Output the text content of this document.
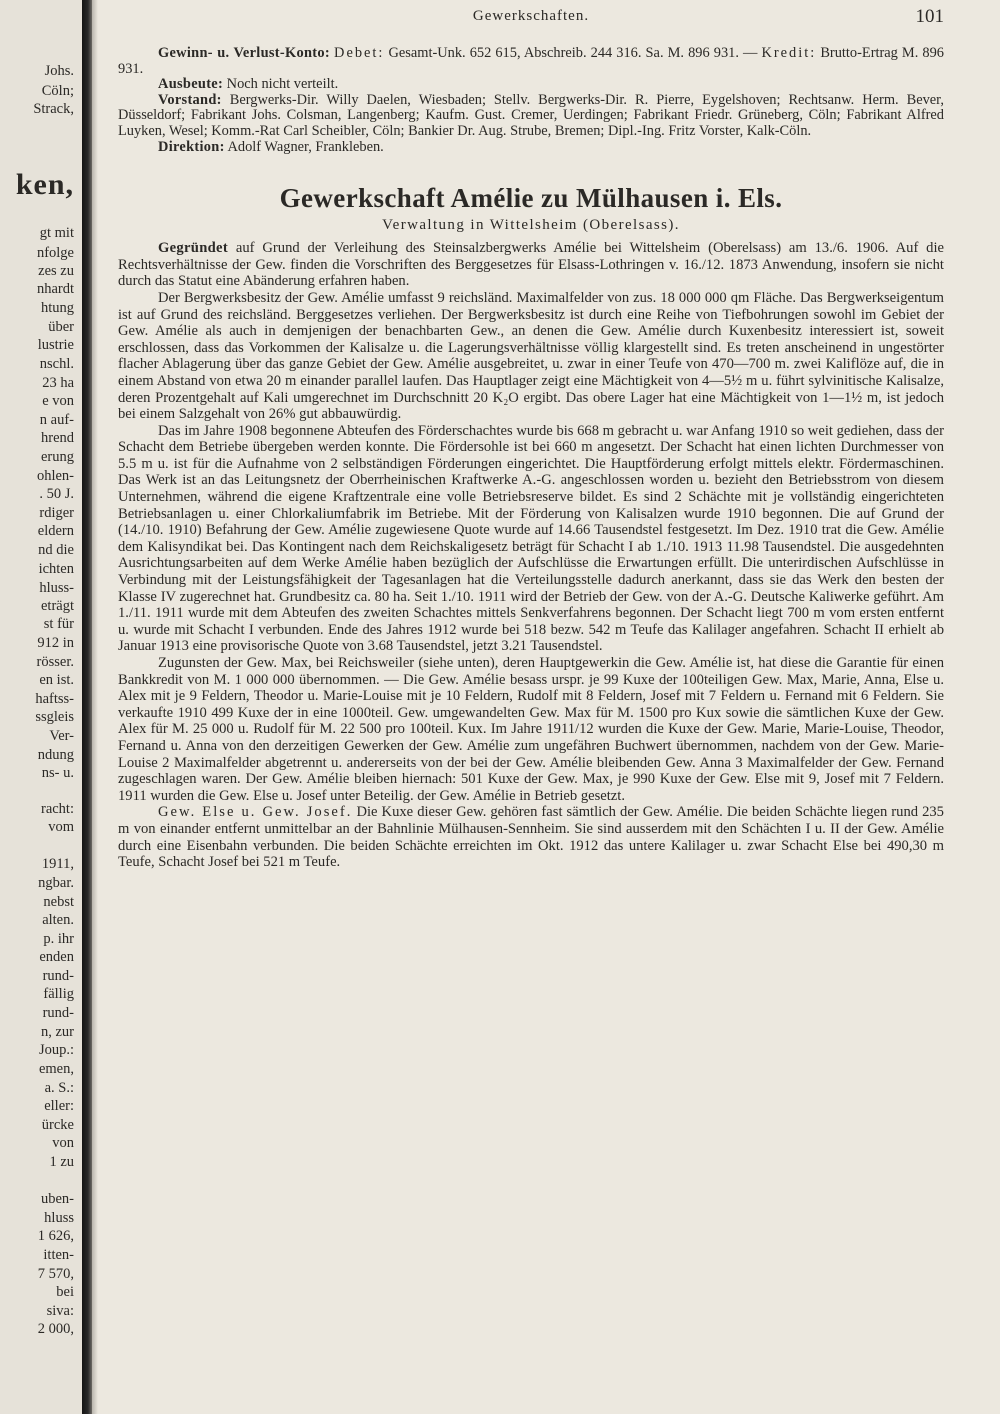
Johs.
Cöln;
Strack,
ken,
gt mit
nfolge
zes zu
nhardt
htung
über
lustrie
nschl.
23 ha
e von
n auf-
hrend
erung
ohlen-
. 50 J.
rdiger
eldern
nd die
ichten
hluss-
eträgt
st für
912 in
rösser.
en ist.
haftss-
ssgleis
Ver-
ndung
ns- u.
racht:
vom
1911,
ngbar.
nebst
alten.
p. ihr
enden
rund-
fällig
rund-
n, zur
Joup.:
emen,
a. S.:
eller:
ürcke
von
1 zu
uben-
hluss
1 626,
itten-
7 570,
bei
siva:
2 000,
Gewerkschaften.	101

Gewinn- u. Verlust-Konto: Debet: Gesamt-Unk. 652 615, Abschreib. 244 316. Sa. M. 896 931. — Kredit: Brutto-Ertrag M. 896 931.

Ausbeute: Noch nicht verteilt.

Vorstand: Bergwerks-Dir. Willy Daelen, Wiesbaden; Stellv. Bergwerks-Dir. R. Pierre, Eygelshoven; Rechtsanw. Herm. Bever, Düsseldorf; Fabrikant Johs. Colsman, Langenberg; Kaufm. Gust. Cremer, Uerdingen; Fabrikant Friedr. Grüneberg, Cöln; Fabrikant Alfred Luyken, Wesel; Komm.-Rat Carl Scheibler, Cöln; Bankier Dr. Aug. Strube, Bremen; Dipl.-Ing. Fritz Vorster, Kalk-Cöln.

Direktion: Adolf Wagner, Frankleben.

Gewerkschaft Amélie zu Mülhausen i. Els.
Verwaltung in Wittelsheim (Oberelsass).

Gegründet auf Grund der Verleihung des Steinsalzbergwerks Amélie bei Wittelsheim (Oberelsass) am 13./6. 1906. Auf die Rechtsverhältnisse der Gew. finden die Vorschriften des Berggesetzes für Elsass-Lothringen v. 16./12. 1873 Anwendung, insofern sie nicht durch das Statut eine Abänderung erfahren haben.

Der Bergwerksbesitz der Gew. Amélie umfasst 9 reichsländ. Maximalfelder von zus. 18 000 000 qm Fläche. Das Bergwerkseigentum ist auf Grund des reichsländ. Berggesetzes verliehen. Der Bergwerksbesitz ist durch eine Reihe von Tiefbohrungen sowohl im Gebiet der Gew. Amélie als auch in demjenigen der benachbarten Gew., an denen die Gew. Amélie durch Kuxenbesitz interessiert ist, soweit erschlossen, dass das Vorkommen der Kalisalze u. die Lagerungsverhältnisse völlig klargestellt sind. Es treten anscheinend in ungestörter flacher Ablagerung über das ganze Gebiet der Gew. Amélie ausgebreitet, u. zwar in einer Teufe von 470—700 m. zwei Kaliflöze auf, die in einem Abstand von etwa 20 m einander parallel laufen. Das Hauptlager zeigt eine Mächtigkeit von 4—5½ m u. führt sylvinitische Kalisalze, deren Prozentgehalt auf Kali umgerechnet im Durchschnitt 20 K₂O ergibt. Das obere Lager hat eine Mächtigkeit von 1—1½ m, ist jedoch bei einem Salzgehalt von 26% gut abbauwürdig.

Das im Jahre 1908 begonnene Abteufen des Förderschachtes wurde bis 668 m gebracht u. war Anfang 1910 so weit gediehen, dass der Schacht dem Betriebe übergeben werden konnte. Die Fördersohle ist bei 660 m angesetzt. Der Schacht hat einen lichten Durchmesser von 5.5 m u. ist für die Aufnahme von 2 selbständigen Förderungen eingerichtet. Die Hauptförderung erfolgt mittels elektr. Fördermaschinen. Das Werk ist an das Leitungsnetz der Oberrheinischen Kraftwerke A.-G. angeschlossen worden u. bezieht den Betriebsstrom von diesem Unternehmen, während die eigene Kraftzentrale eine volle Betriebsreserve bildet. Es sind 2 Schächte mit je vollständig eingerichteten Betriebsanlagen u. einer Chlorkaliumfabrik im Betriebe. Mit der Förderung von Kalisalzen wurde 1910 begonnen. Die auf Grund der (14./10. 1910) Befahrung der Gew. Amélie zugewiesene Quote wurde auf 14.66 Tausendstel festgesetzt. Im Dez. 1910 trat die Gew. Amélie dem Kalisyndikat bei. Das Kontingent nach dem Reichskaligesetz beträgt für Schacht I ab 1./10. 1913 11.98 Tausendstel. Die ausgedehnten Ausrichtungsarbeiten auf dem Werke Amélie haben bezüglich der Aufschlüsse die Erwartungen erfüllt. Die unterirdischen Aufschlüsse in Verbindung mit der Leistungsfähigkeit der Tagesanlagen hat die Verteilungsstelle dadurch anerkannt, dass sie das Werk den besten der Klasse IV zugerechnet hat. Grundbesitz ca. 80 ha. Seit 1./10. 1911 wird der Betrieb der Gew. von der A.-G. Deutsche Kaliwerke geführt. Am 1./11. 1911 wurde mit dem Abteufen des zweiten Schachtes mittels Senkverfahrens begonnen. Der Schacht liegt 700 m vom ersten entfernt u. wurde mit Schacht I verbunden. Ende des Jahres 1912 wurde bei 518 bezw. 542 m Teufe das Kalilager angefahren. Schacht II erhielt ab Januar 1913 eine provisorische Quote von 3.68 Tausendstel, jetzt 3.21 Tausendstel.

Zugunsten der Gew. Max, bei Reichsweiler (siehe unten), deren Hauptgewerkin die Gew. Amélie ist, hat diese die Garantie für einen Bankkredit von M. 1 000 000 übernommen. — Die Gew. Amélie besass urspr. je 99 Kuxe der 100teiligen Gew. Max, Marie, Anna, Else u. Alex mit je 9 Feldern, Theodor u. Marie-Louise mit je 10 Feldern, Rudolf mit 8 Feldern, Josef mit 7 Feldern u. Fernand mit 6 Feldern. Sie verkaufte 1910 499 Kuxe der in eine 1000teil. Gew. umgewandelten Gew. Max für M. 1500 pro Kux sowie die sämtlichen Kuxe der Gew. Alex für M. 25 000 u. Rudolf für M. 22 500 pro 100teil. Kux. Im Jahre 1911/12 wurden die Kuxe der Gew. Marie, Marie-Louise, Theodor, Fernand u. Anna von den derzeitigen Gewerken der Gew. Amélie zum ungefähren Buchwert übernommen, nachdem von der Gew. Marie-Louise 2 Maximalfelder abgetrennt u. andererseits von der bei der Gew. Amélie bleibenden Gew. Anna 3 Maximalfelder der Gew. Fernand zugeschlagen waren. Der Gew. Amélie bleiben hiernach: 501 Kuxe der Gew. Max, je 990 Kuxe der Gew. Else mit 9, Josef mit 7 Feldern. 1911 wurden die Gew. Else u. Josef unter Beteilig. der Gew. Amélie in Betrieb gesetzt.

Gew. Else u. Gew. Josef. Die Kuxe dieser Gew. gehören fast sämtlich der Gew. Amélie. Die beiden Schächte liegen rund 235 m von einander entfernt unmittelbar an der Bahnlinie Mülhausen-Sennheim. Sie sind ausserdem mit den Schächten I u. II der Gew. Amélie durch eine Eisenbahn verbunden. Die beiden Schächte erreichten im Okt. 1912 das untere Kalilager u. zwar Schacht Else bei 490,30 m Teufe, Schacht Josef bei 521 m Teufe.
